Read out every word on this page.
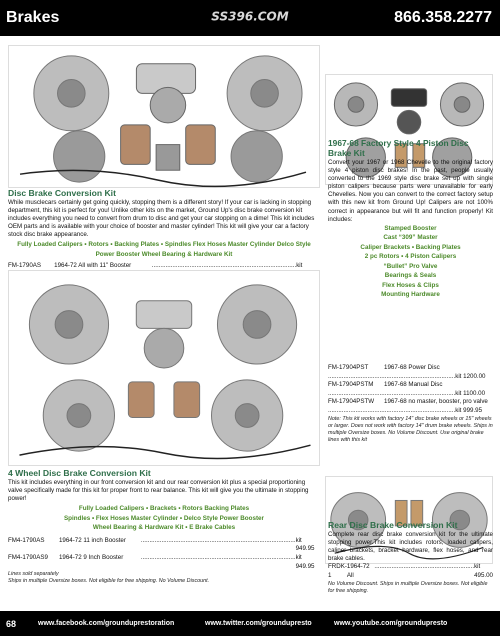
Brakes	SS396.COM	866.358.2277
Disc Brake Conversion Kit
While musclecars certainly get going quickly, stopping them is a different story! If your car is lacking in stopping department, this kit is perfect for you! Unlike other kits on the market, Ground Up's disc brake conversion kit includes everything you need to convert from drum to disc and get your car stopping on a dime! This kit includes OEM parts and is available with your choice of booster and master cylinder! This kit will give your car a factory stock disc brake appearance.
Fully Loaded Calipers • Rotors • Backing Plates • Spindles Flex Hoses Master Cylinder Delco Style Power Booster Wheel Bearing & Hardware Kit
FM-1790AS	1964-72 All with 11" Booster	.................................................................................... kit
1967-68 Factory Style 4 Piston Disc Brake Kit
Convert your 1967 or 1968 Chevelle to the original factory style 4 piston disc brakes! In the past, people usually converted to the 1969 style disc brake set up with single piston calipers because parts were unavailable for early Chevelles. Now you can convert to the correct factory setup with this new kit from Ground Up! Calipers are not 100% correct in appearance but will fit and function properly! Kit includes:
Stamped Booster
Cast “309” Master
Caliper Brackets • Backing Plates
2 pc Rotors • 4 Piston Calipers
“Bullet” Pro Valve
Bearings & Seals
Flex Hoses & Clips
Mounting Hardware
FM-17904PST	1967-68 Power Disc
.......................................................................... kit 1200.00
FM-17904PSTM 1967-68 Manual Disc
.......................................................................... kit 1100.00
FM-17904PSTW 1967-68 no master, booster, pro valve
.......................................................................... kit 999.95
Note: This kit works with factory 14" disc brake wheels or 15" wheels or larger. Does not work with factory 14" drum brake wheels. Ships in multiple Oversize boxes. No Volume Discount. Use original brake lines with this kit
4 Wheel Disc Brake Conversion Kit
This kit includes everything in our front conversion kit and our rear conversion kit plus a special proportioning valve specifically made for this kit for proper front to rear balance. This kit will give you the ultimate in stopping power!
Fully Loaded Calipers • Brackets • Rotors Backing Plates
Spindles • Flex Hoses Master Cylinder • Delco Style Power Booster
Wheel Bearing & Hardware Kit • E Brake Cables
FM4-1790AS	1964-72 11 inch Booster	.......................................................................................... kit 949.95
FM4-1790AS9	1964-72 9 Inch Booster	.......................................................................................... kit 949.95
Lines sold separately
Ships in multiple Oversize boxes. Not eligible for free shipping. No Volume Discount.
Rear Disc Brake Conversion Kit
Complete rear disc brake conversion kit for the ultimate stopping power.This kit includes rotors, loaded calipers, caliper brackets, bracket hardware, flex hoses, and rear brake cables.
FRDK-1
1964-72 All
.......................................................... kit 495.00
No Volume Discount. Ships in multiple Oversize boxes. Not eligible for free shipping.
68	www.facebook.com/grounduprestoration	www.twitter.com/groundupresto	www.youtube.com/groundupresto
